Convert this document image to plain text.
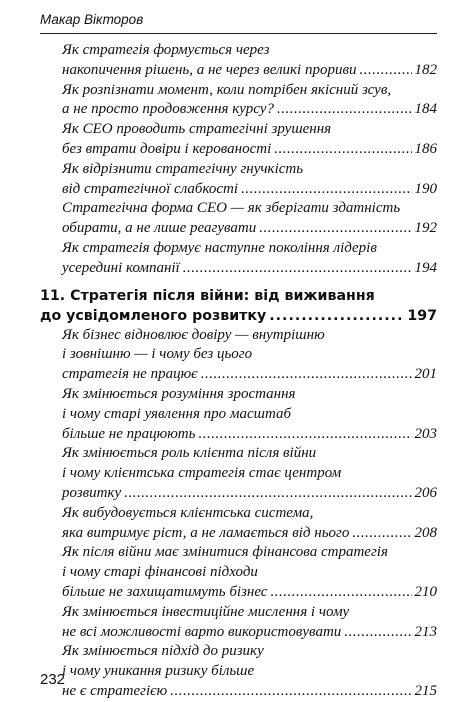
Макар Вікторов
Як стратегія формується через
накопичення рішень, а не через великі прориви .....	182
Як розпізнати момент, коли потрібен якісний зсув,
а не просто продовження курсу? .....	184
Як CEO проводить стратегічні зрушення
без втрати довіри і керованості .....	186
Як відрізнити стратегічну гнучкість
від стратегічної слабкості .....	190
Стратегічна форма CEO — як зберігати здатність
обирати, а не лише реагувати .....	192
Як стратегія формує наступне покоління лідерів
усередині компанії .....	194
11. Стратегія після війни: від виживання
до усвідомленого розвитку .....	197
Як бізнес відновлює довіру — внутрішню
і зовнішню — і чому без цього
стратегія не працює .....	201
Як змінюється розуміння зростання
і чому старі уявлення про масштаб
більше не працюють .....	203
Як змінюється роль клієнта після війни
і чому клієнтська стратегія стає центром
розвитку .....	206
Як вибудовується клієнтська система,
яка витримує ріст, а не ламається від нього .....	208
Як після війни має змінитися фінансова стратегія
і чому старі фінансові підходи
більше не захищатимуть бізнес .....	210
Як змінюється інвестиційне мислення і чому
не всі можливості варто використовувати .....	213
Як змінюється підхід до ризику
і чому уникання ризику більше
не є стратегією .....	215
232
